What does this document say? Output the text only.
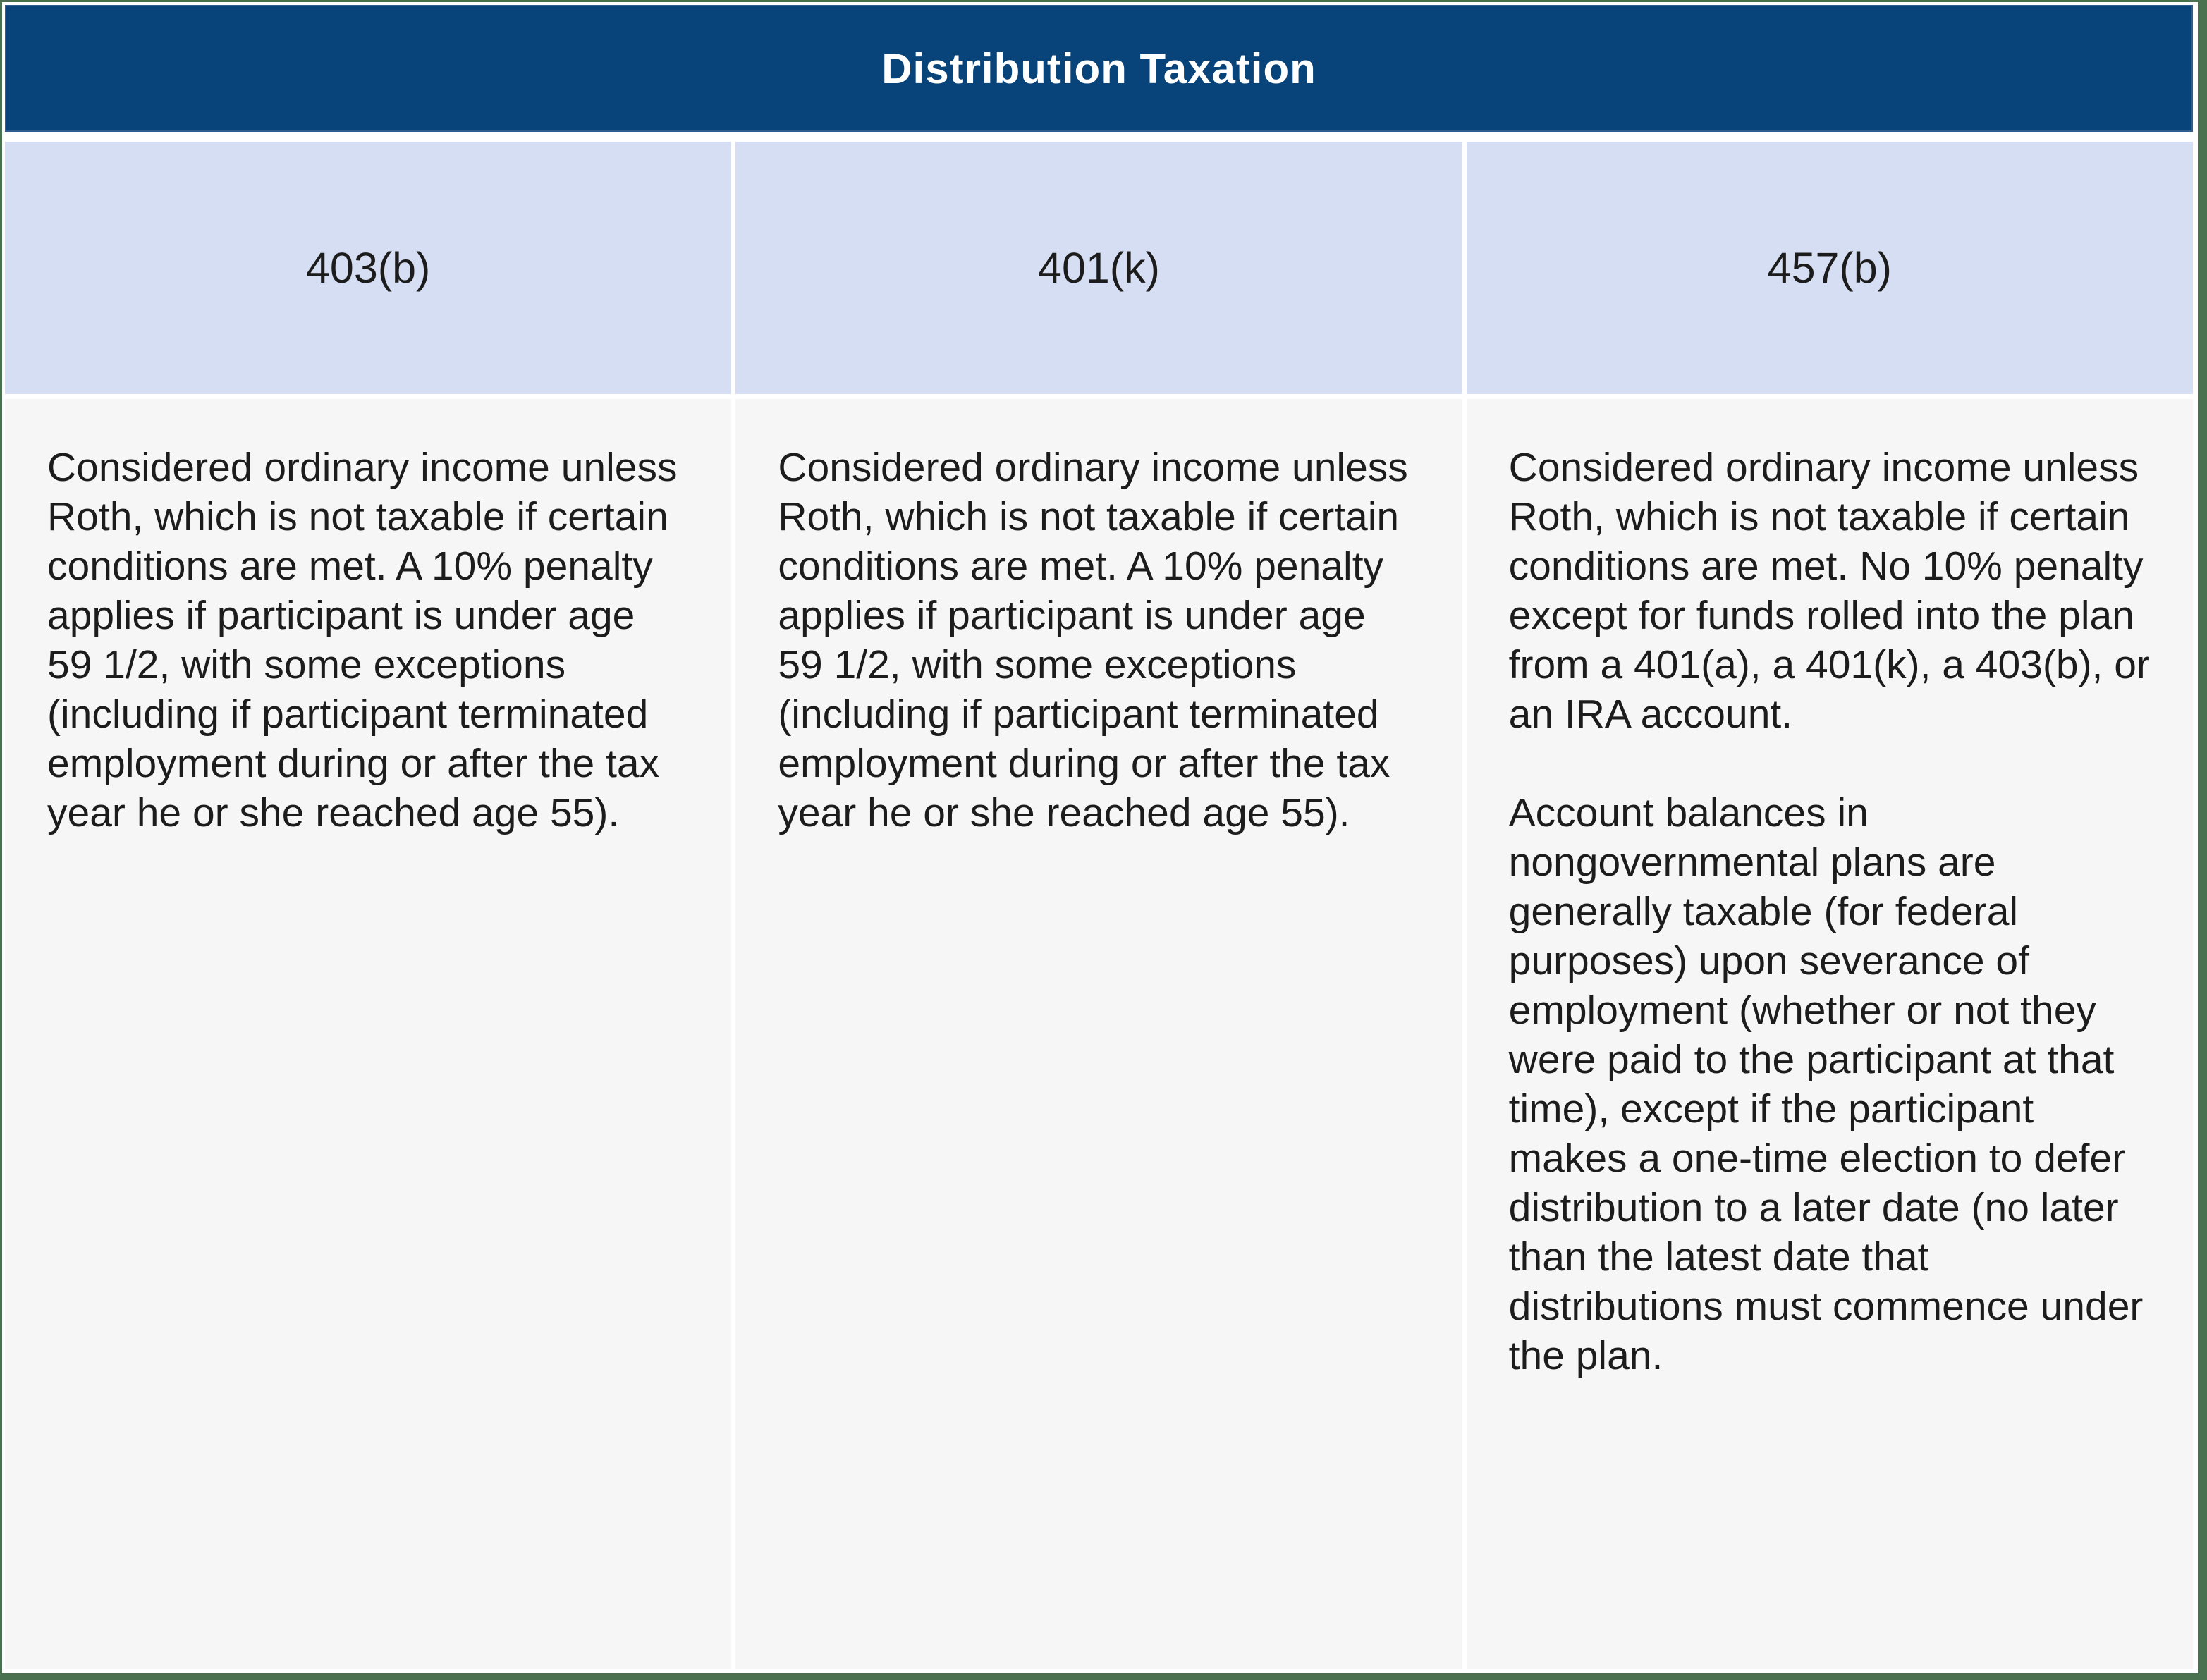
Distribution Taxation
403(b)	401(k)	457(b)

Considered ordinary income unless Roth, which is not taxable if certain conditions are met. A 10% penalty applies if participant is under age 59 1/2, with some exceptions (including if participant terminated employment during or after the tax year he or she reached age 55).

Considered ordinary income unless Roth, which is not taxable if certain conditions are met. A 10% penalty applies if participant is under age 59 1/2, with some exceptions (including if participant terminated employment during or after the tax year he or she reached age 55).

Considered ordinary income unless Roth, which is not taxable if certain conditions are met. No 10% penalty except for funds rolled into the plan from a 401(a), a 401(k), a 403(b), or an IRA account.

Account balances in nongovernmental plans are generally taxable (for federal purposes) upon severance of employment (whether or not they were paid to the participant at that time), except if the participant makes a one-time election to defer distribution to a later date (no later than the latest date that distributions must commence under the plan.
